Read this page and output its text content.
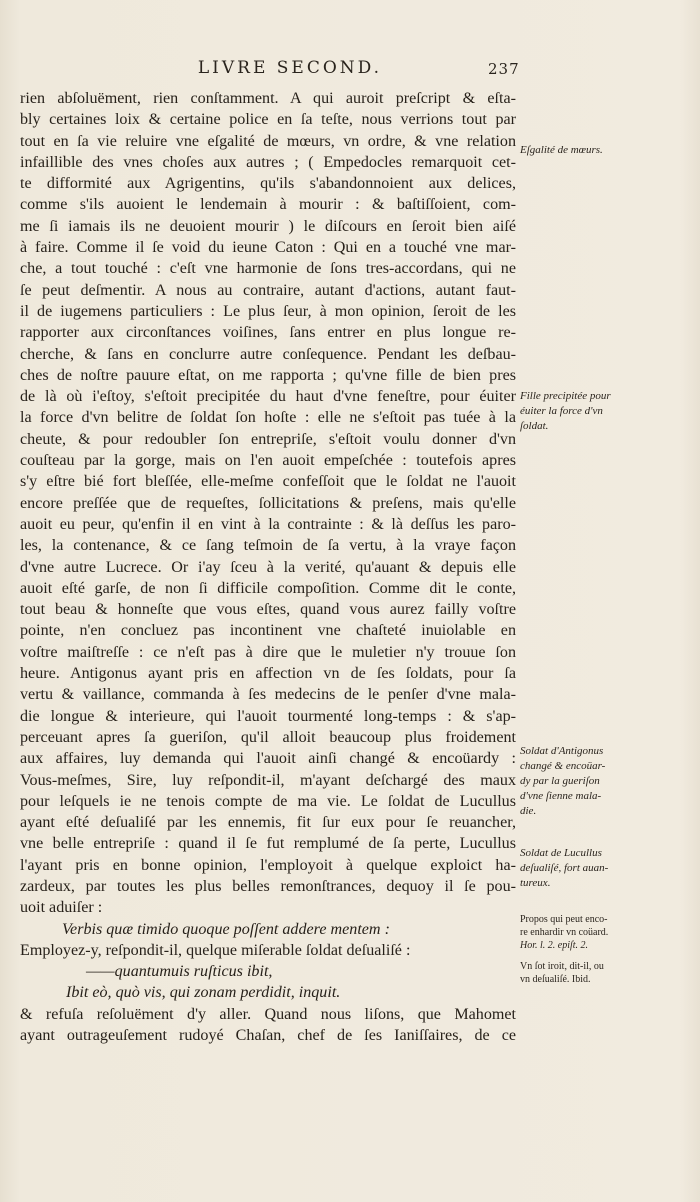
LIVRE SECOND.	237
rien abſoluëment, rien conſtamment. A qui auroit preſcript & eſta-
bly certaines loix & certaine police en ſa teſte, nous verrions tout par
tout en ſa vie reluire vne eſgalité de mœurs, vn ordre, & vne relation
infaillible des vnes choſes aux autres ; ( Empedocles remarquoit cet-
te difformité aux Agrigentins, qu'ils s'abandonnoient aux delices,
comme s'ils auoient le lendemain à mourir : & baſtiſſoient, com-
me ſi iamais ils ne deuoient mourir ) le diſcours en ſeroit bien aiſé
à faire. Comme il ſe void du ieune Caton : Qui en a touché vne mar-
che, a tout touché : c'eſt vne harmonie de ſons tres-accordans, qui ne
ſe peut deſmentir. A nous au contraire, autant d'actions, autant faut-
il de iugemens particuliers : Le plus ſeur, à mon opinion, ſeroit de les
rapporter aux circonſtances voiſines, ſans entrer en plus longue re-
cherche, & ſans en conclurre autre conſequence. Pendant les deſbau-
ches de noſtre pauure eſtat, on me rapporta ; qu'vne fille de bien pres
de là où i'eſtoy, s'eſtoit precipitée du haut d'vne feneſtre, pour éuiter
la force d'vn belitre de ſoldat ſon hoſte : elle ne s'eſtoit pas tuée à la
cheute, & pour redoubler ſon entrepriſe, s'eſtoit voulu donner d'vn
couſteau par la gorge, mais on l'en auoit empeſchée : toutefois apres
s'y eſtre bié fort bleſſée, elle-meſme confeſſoit que le ſoldat ne l'auoit
encore preſſée que de requeſtes, ſollicitations & preſens, mais qu'elle
auoit eu peur, qu'enfin il en vint à la contrainte : & là deſſus les paro-
les, la contenance, & ce ſang teſmoin de ſa vertu, à la vraye façon
d'vne autre Lucrece. Or i'ay ſceu à la verité, qu'auant & depuis elle
auoit eſté garſe, de non ſi difficile compoſition. Comme dit le conte,
tout beau & honneſte que vous eſtes, quand vous aurez failly voſtre
pointe, n'en concluez pas incontinent vne chaſteté inuiolable en
voſtre maiſtreſſe : ce n'eſt pas à dire que le muletier n'y trouue ſon
heure. Antigonus ayant pris en affection vn de ſes ſoldats, pour ſa
vertu & vaillance, commanda à ſes medecins de le penſer d'vne mala-
die longue & interieure, qui l'auoit tourmenté long-temps : & s'ap-
perceuant apres ſa gueriſon, qu'il alloit beaucoup plus froidement
aux affaires, luy demanda qui l'auoit ainſi changé & encoüardy :
Vous-meſmes, Sire, luy reſpondit-il, m'ayant deſchargé des maux
pour leſquels ie ne tenois compte de ma vie. Le ſoldat de Lucullus
ayant eſté deſualiſé par les ennemis, fit ſur eux pour ſe reuancher,
vne belle entrepriſe : quand il ſe fut remplumé de ſa perte, Lucullus
l'ayant pris en bonne opinion, l'employoit à quelque exploict ha-
zardeux, par toutes les plus belles remonſtrances, dequoy il ſe pou-
uoit aduiſer :
Verbis quæ timido quoque poſſent addere mentem :
Employez-y, reſpondit-il, quelque miſerable ſoldat deſualiſé :
——quantumuis ruſticus ibit,
Ibit eò, quò vis, qui zonam perdidit, inquit.
& refuſa reſoluëment d'y aller. Quand nous liſons, que Mahomet
ayant outrageuſement rudoyé Chaſan, chef de ſes Ianiſſaires, de ce
Eſgalité de mœurs.
Fille precipitée pour
éuiter la force d'vn
ſoldat.
Soldat d'Antigonus
changé & encoüar-
dy par la gueriſon
d'vne ſienne mala-
die.
Soldat de Lucullus
deſualiſé, fort auan-
tureux.
Propos qui peut enco-
re enhardir vn coüard.
Hor. l. 2. epiſt. 2.
Vn ſot iroit, dit-il, ou
vn deſualiſé. Ibid.
